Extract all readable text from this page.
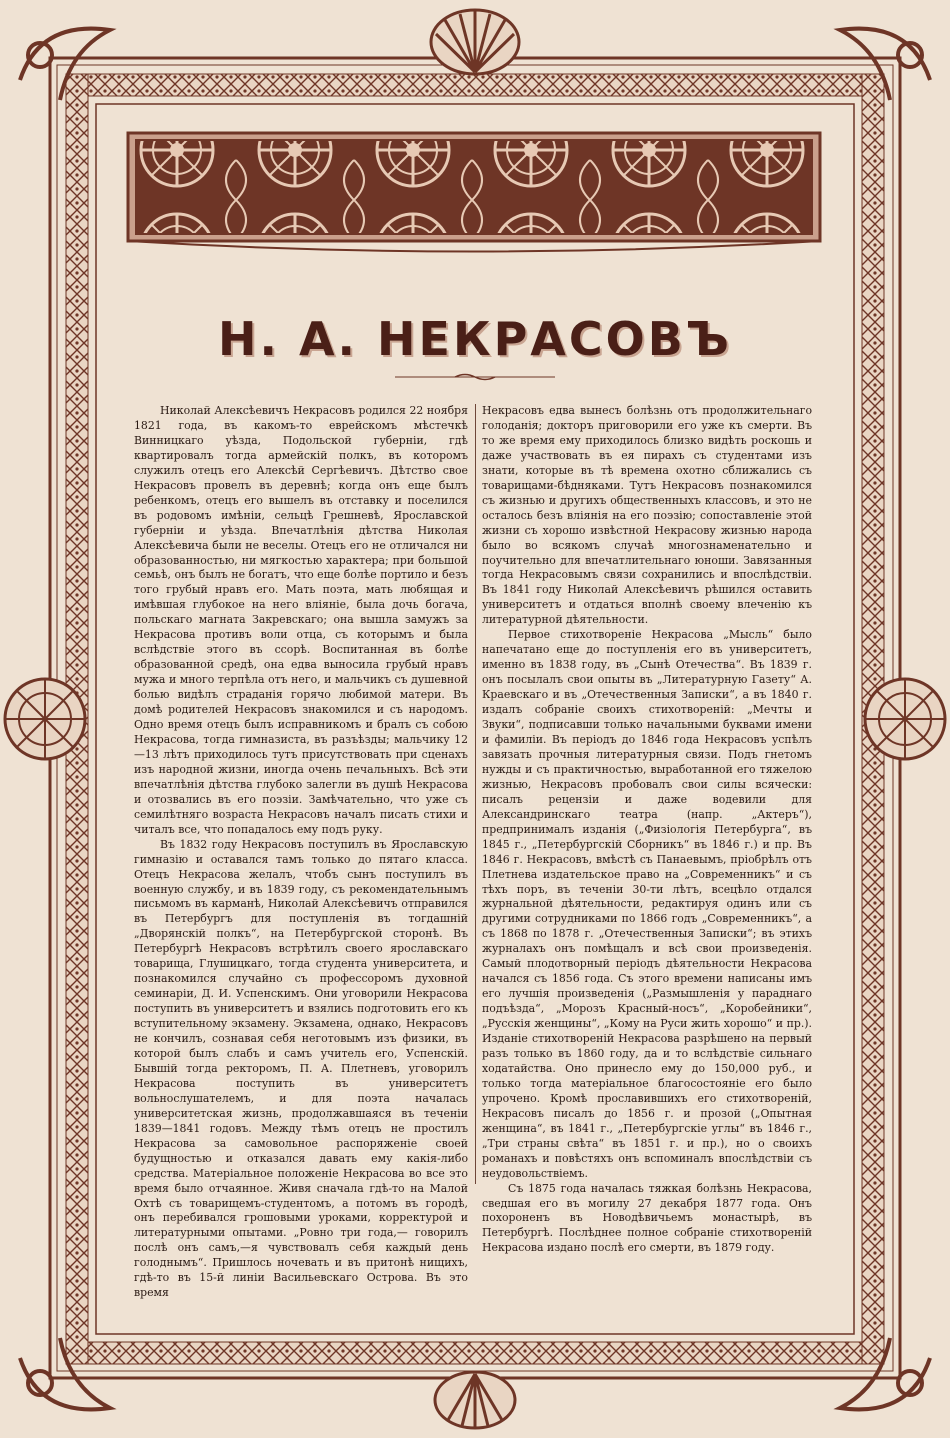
Н. А. НЕКРАСОВЪ

Николай Алексѣевичъ Некрасовъ родился 22 ноября 1821 года, въ какомъ-то еврейскомъ мѣстечкѣ Винницкаго уѣзда, Подольской губерніи, гдѣ квартировалъ тогда армейскій полкъ, въ которомъ служилъ отецъ его Алексѣй Сергѣевичъ. Дѣтство свое Некрасовъ провелъ въ деревнѣ; когда онъ еще былъ ребенкомъ, отецъ его вышелъ въ отставку и поселился въ родовомъ имѣніи, сельцѣ Грешневѣ, Ярославской губерніи и уѣзда. Впечатлѣнія дѣтства Николая Алексѣевича были не веселы. Отецъ его не отличался ни образованностью, ни мягкостью характера; при большой семьѣ, онъ былъ не богатъ, что еще болѣе портило и безъ того грубый нравъ его. Мать поэта, мать любящая и имѣвшая глубокое на него вліяніе, была дочь богача, польскаго магната Закревскаго; она вышла замужъ за Некрасова противъ воли отца, съ которымъ и была вслѣдствіе этого въ ссорѣ. Воспитанная въ болѣе образованной средѣ, она едва выносила грубый нравъ мужа и много терпѣла отъ него, и мальчикъ съ душевной болью видѣлъ страданія горячо любимой матери. Въ домѣ родителей Некрасовъ знакомился и съ народомъ. Одно время отецъ былъ исправникомъ и бралъ съ собою Некрасова, тогда гимназиста, въ разъѣзды; мальчику 12—13 лѣтъ приходилось тутъ присутствовать при сценахъ изъ народной жизни, иногда очень печальныхъ. Всѣ эти впечатлѣнія дѣтства глубоко залегли въ душѣ Некрасова и отозвались въ его поэзіи. Замѣчательно, что уже съ семилѣтняго возраста Некрасовъ началъ писать стихи и читалъ все, что попадалось ему подъ руку.

Въ 1832 году Некрасовъ поступилъ въ Ярославскую гимназію и оставался тамъ только до пятаго класса. Отецъ Некрасова желалъ, чтобъ сынъ поступилъ въ военную службу, и въ 1839 году, съ рекомендательнымъ письмомъ въ карманѣ, Николай Алексѣевичъ отправился въ Петербургъ для поступленія въ тогдашній „Дворянскій полкъ“, на Петербургской сторонѣ. Въ Петербургѣ Некрасовъ встрѣтилъ своего ярославскаго товарища, Глушицкаго, тогда студента университета, и познакомился случайно съ профессоромъ духовной семинаріи, Д. И. Успенскимъ. Они уговорили Некрасова поступить въ университетъ и взялись подготовить его къ вступительному экзамену. Экзамена, однако, Некрасовъ не кончилъ, сознавая себя неготовымъ изъ физики, въ которой былъ слабъ и самъ учитель его, Успенскій. Бывшій тогда ректоромъ, П. А. Плетневъ, уговорилъ Некрасова поступить въ университетъ вольнослушателемъ, и для поэта началась университетская жизнь, продолжавшаяся въ теченіи 1839—1841 годовъ. Между тѣмъ отецъ не простилъ Некрасова за самовольное распоряженіе своей будущностью и отказался давать ему какія-либо средства. Матеріальное положеніе Некрасова во все это время было отчаянное. Живя сначала гдѣ-то на Малой Охтѣ съ товарищемъ-студентомъ, а потомъ въ городѣ, онъ перебивался грошовыми уроками, корректурой и литературными опытами. „Ровно три года,— говорилъ послѣ онъ самъ,—я чувствовалъ себя каждый день голоднымъ“. Пришлось ночевать и въ притонѣ нищихъ, гдѣ-то въ 15-й линіи Васильевскаго Острова. Въ это время

Некрасовъ едва вынесъ болѣзнь отъ продолжительнаго голоданія; докторъ приговорили его уже къ смерти. Въ то же время ему приходилось близко видѣть роскошь и даже участвовать въ ея пирахъ съ студентами изъ знати, которые въ тѣ времена охотно сближались съ товарищами-бѣдняками. Тутъ Некрасовъ познакомился съ жизнью и другихъ общественныхъ классовъ, и это не осталось безъ вліянія на его поэзію; сопоставленіе этой жизни съ хорошо извѣстной Некрасову жизнью народа было во всякомъ случаѣ многознаменательно и поучительно для впечатлительнаго юноши. Завязанныя тогда Некрасовымъ связи сохранились и впослѣдствіи. Въ 1841 году Николай Алексѣевичъ рѣшился оставить университетъ и отдаться вполнѣ своему влеченію къ литературной дѣятельности.

Первое стихотвореніе Некрасова „Мысль“ было напечатано еще до поступленія его въ университетъ, именно въ 1838 году, въ „Сынѣ Отечества“. Въ 1839 г. онъ посылалъ свои опыты въ „Литературную Газету“ А. Краевскаго и въ „Отечественныя Записки“, а въ 1840 г. издалъ собраніе своихъ стихотвореній: „Мечты и Звуки“, подписавши только начальными буквами имени и фамиліи. Въ періодъ до 1846 года Некрасовъ успѣлъ завязать прочныя литературныя связи. Подъ гнетомъ нужды и съ практичностью, выработанной его тяжелою жизнью, Некрасовъ пробовалъ свои силы всячески: писалъ рецензіи и даже водевили для Александринскаго театра (напр. „Актеръ“), предпринималъ изданія („Физіологія Петербурга“, въ 1845 г., „Петербургскій Сборникъ“ въ 1846 г.) и пр. Въ 1846 г. Некрасовъ, вмѣстѣ съ Панаевымъ, пріобрѣлъ отъ Плетнева издательское право на „Современникъ“ и съ тѣхъ поръ, въ теченіи 30-ти лѣтъ, всецѣло отдался журнальной дѣятельности, редактируя одинъ или съ другими сотрудниками по 1866 годъ „Современникъ“, а съ 1868 по 1878 г. „Отечественныя Записки“; въ этихъ журналахъ онъ помѣщалъ и всѣ свои произведенія. Самый плодотворный періодъ дѣятельности Некрасова начался съ 1856 года. Съ этого времени написаны имъ его лучшія произведенія („Размышленія у параднаго подъѣзда“, „Морозъ Красный-носъ“, „Коробейники“, „Русскія женщины“, „Кому на Руси жить хорошо“ и пр.). Изданіе стихотвореній Некрасова разрѣшено на первый разъ только въ 1860 году, да и то вслѣдствіе сильнаго ходатайства. Оно принесло ему до 150,000 руб., и только тогда матеріальное благосостояніе его было упрочено. Кромѣ прославившихъ его стихотвореній, Некрасовъ писалъ до 1856 г. и прозой („Опытная женщина“, въ 1841 г., „Петербургскіе углы“ въ 1846 г., „Три страны свѣта“ въ 1851 г. и пр.), но о своихъ романахъ и повѣстяхъ онъ вспоминалъ впослѣдствіи съ неудовольствіемъ.

Съ 1875 года началась тяжкая болѣзнь Некрасова, сведшая его въ могилу 27 декабря 1877 года. Онъ похороненъ въ Новодѣвичьемъ монастырѣ, въ Петербургѣ. Послѣднее полное собраніе стихотвореній Некрасова издано послѣ его смерти, въ 1879 году.
